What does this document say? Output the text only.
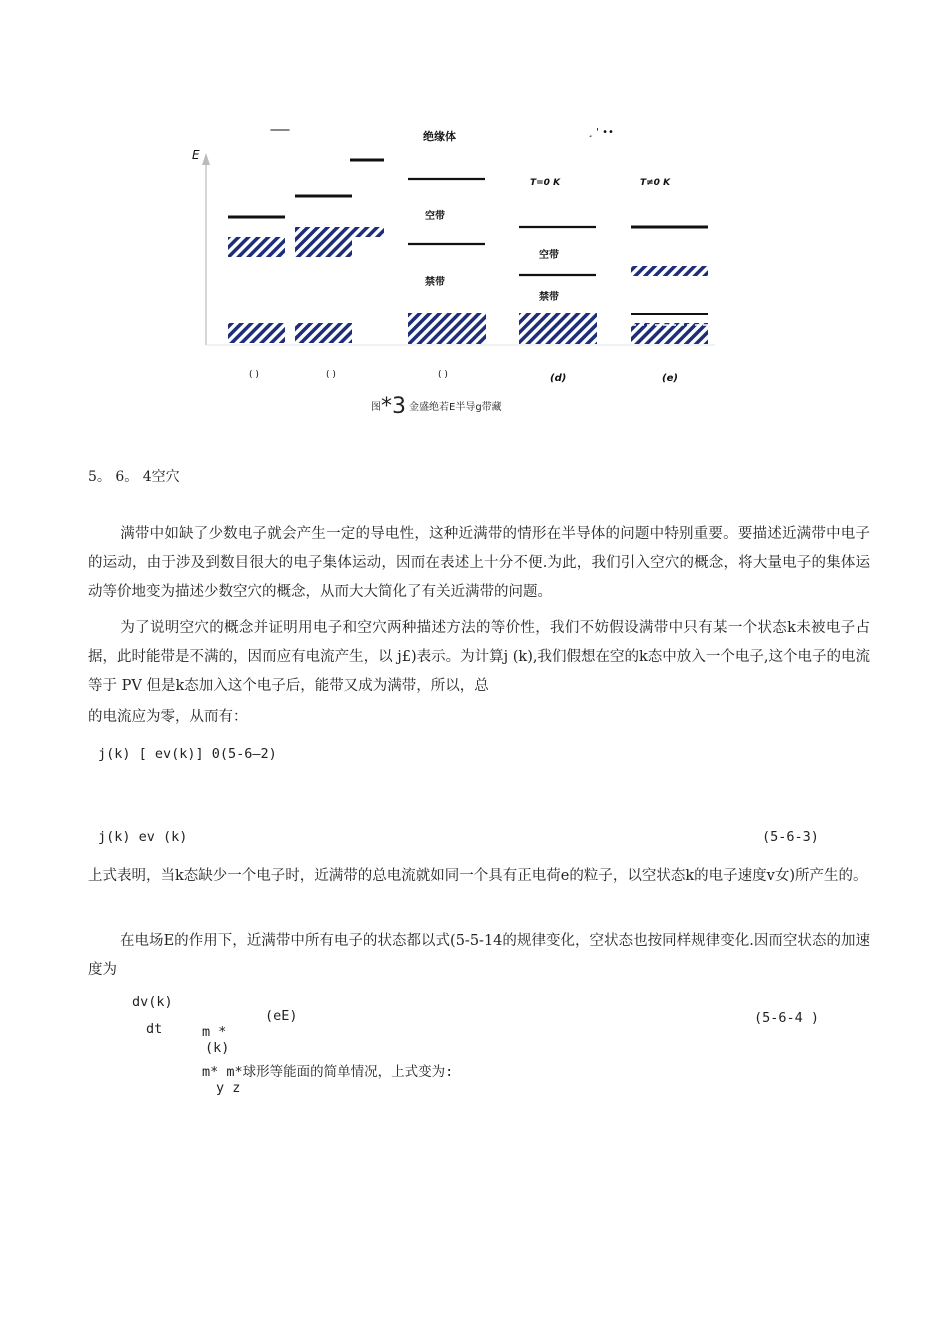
E
———
绝缘体	¸ ' ••
T=0 K	T≠0 K
空带
禁带
空带
禁带
( )	( )	( )	(d)	(e)
图*3 金盛绝若E半导g带藏
5。 6。 4空穴
满带中如缺了少数电子就会产生一定的导电性，这种近满带的情形在半导体的问题中特别重要。要描述近满带中电子的运动，由于涉及到数目很大的电子集体运动，因而在表述上十分不便.为此，我们引入空穴的概念，将大量电子的集体运动等价地变为描述少数空穴的概念，从而大大简化了有关近满带的问题。
为了说明空穴的概念并证明用电子和空穴两种描述方法的等价性，我们不妨假设满带中只有某一个状态k未被电子占据，此时能带是不满的，因而应有电流产生，以 j£)表示。为计算j (k),我们假想在空的k态中放入一个电子,这个电子的电流等于 PV 但是k态加入这个电子后，能带又成为满带，所以，总
的电流应为零，从而有：
j(k) [ ev(k)] 0(5-6—2)
j(k) ev (k)	(5-6-3)
上式表明，当k态缺少一个电子时，近满带的总电流就如同一个具有正电荷e的粒子，以空状态k的电子速度v女)所产生的。
在电场E的作用下，近满带中所有电子的状态都以式(5-5-14的规律变化，空状态也按同样规律变化.因而空状态的加速度为
dv(k)
dt
(eE)
m *
(k)
(5-6-4 )
m* m*球形等能面的简单情况，上式变为:
y z
